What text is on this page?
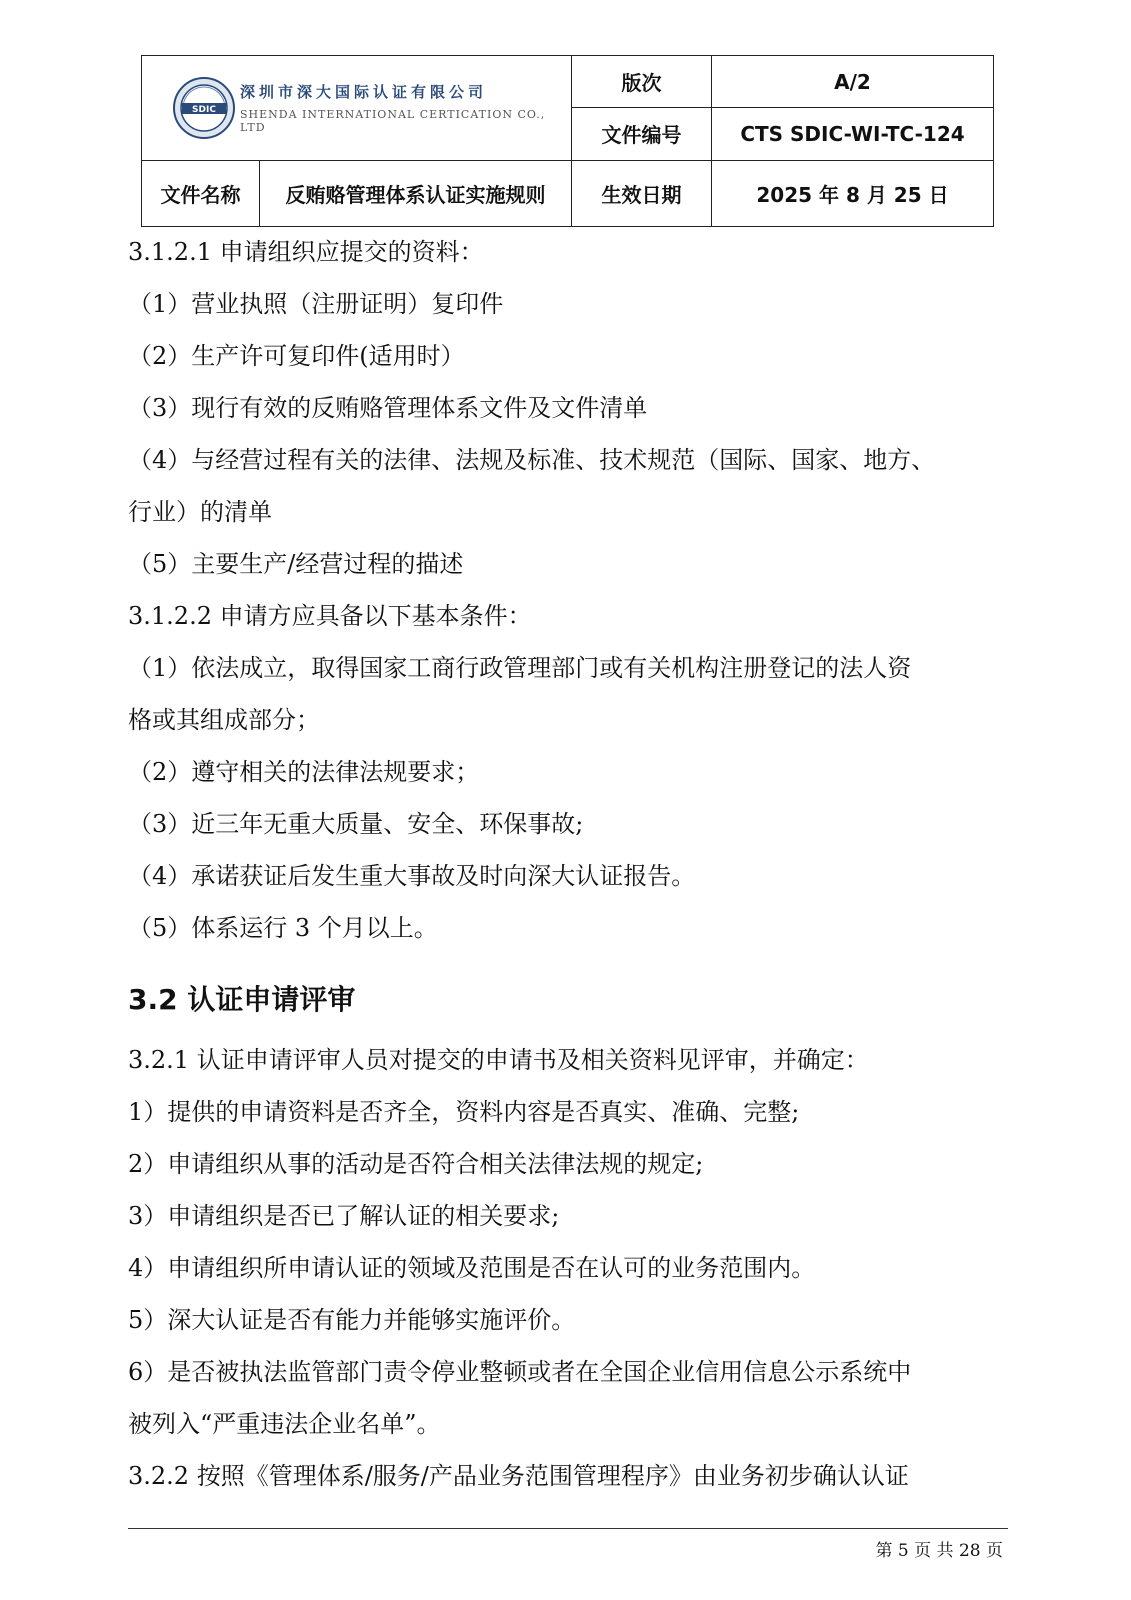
SDIC
深圳市深大国际认证有限公司
SHENDA INTERNATIONAL CERTICATION CO., LTD		版次	A/2
		文件编号	CTS SDIC-WI-TC-124
文件名称	反贿赂管理体系认证实施规则	生效日期	2025 年 8 月 25 日
3.1.2.1 申请组织应提交的资料：
（1）营业执照（注册证明）复印件
（2）生产许可复印件(适用时）
（3）现行有效的反贿赂管理体系文件及文件清单
（4）与经营过程有关的法律、法规及标准、技术规范（国际、国家、地方、
行业）的清单
（5）主要生产/经营过程的描述
3.1.2.2 申请方应具备以下基本条件：
（1）依法成立，取得国家工商行政管理部门或有关机构注册登记的法人资
格或其组成部分；
（2）遵守相关的法律法规要求；
（3）近三年无重大质量、安全、环保事故;
（4）承诺获证后发生重大事故及时向深大认证报告。
（5）体系运行 3 个月以上。
3.2 认证申请评审
3.2.1 认证申请评审人员对提交的申请书及相关资料见评审，并确定：
1）提供的申请资料是否齐全，资料内容是否真实、准确、完整;
2）申请组织从事的活动是否符合相关法律法规的规定;
3）申请组织是否已了解认证的相关要求;
4）申请组织所申请认证的领域及范围是否在认可的业务范围内。
5）深大认证是否有能力并能够实施评价。
6）是否被执法监管部门责令停业整顿或者在全国企业信用信息公示系统中
被列入“严重违法企业名单”。
3.2.2 按照《管理体系/服务/产品业务范围管理程序》由业务初步确认认证
第 5 页 共 28 页
